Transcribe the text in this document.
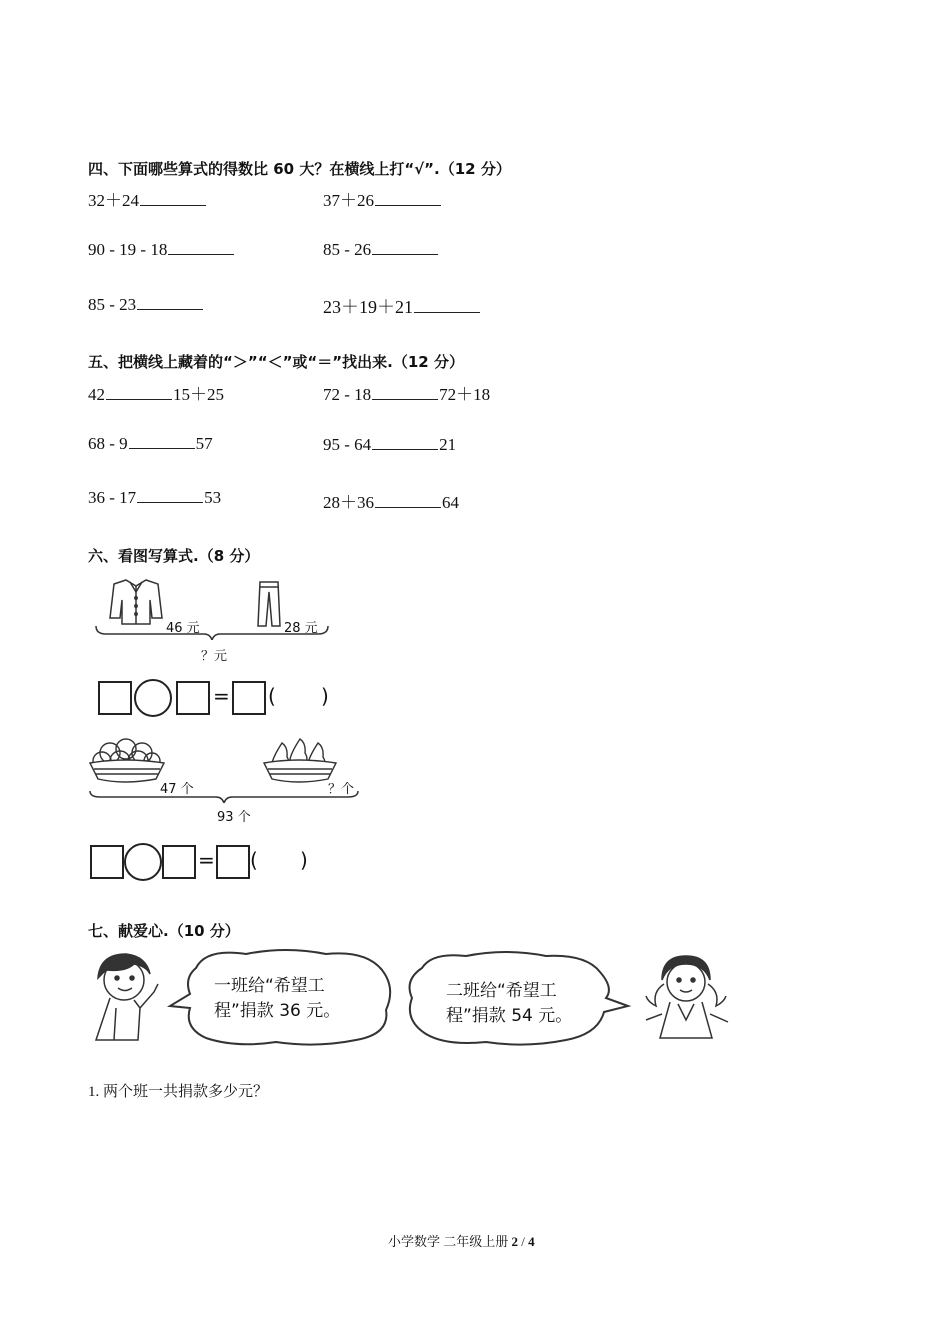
四、下面哪些算式的得数比 60 大？在横线上打“√”.（12 分）
32＋24	37＋26
90 - 19 - 18	85 - 26
85 - 23	23＋19＋21
五、把横线上藏着的“＞”“＜”或“＝”找出来.（12 分）
42	15＋25	72 - 18	72＋18
68 - 9	57	95 - 64	21
36 - 17	53	28＋36	64
六、看图写算式.（8 分）
46 元	28 元
？元
= ( )
47 个	？个
93 个
= ( )
七、献爱心.（10 分）
一班给“希望工
程”捐款 36 元。
二班给“希望工
程”捐款 54 元。
1. 两个班一共捐款多少元？
小学数学 二年级上册 2 / 4
